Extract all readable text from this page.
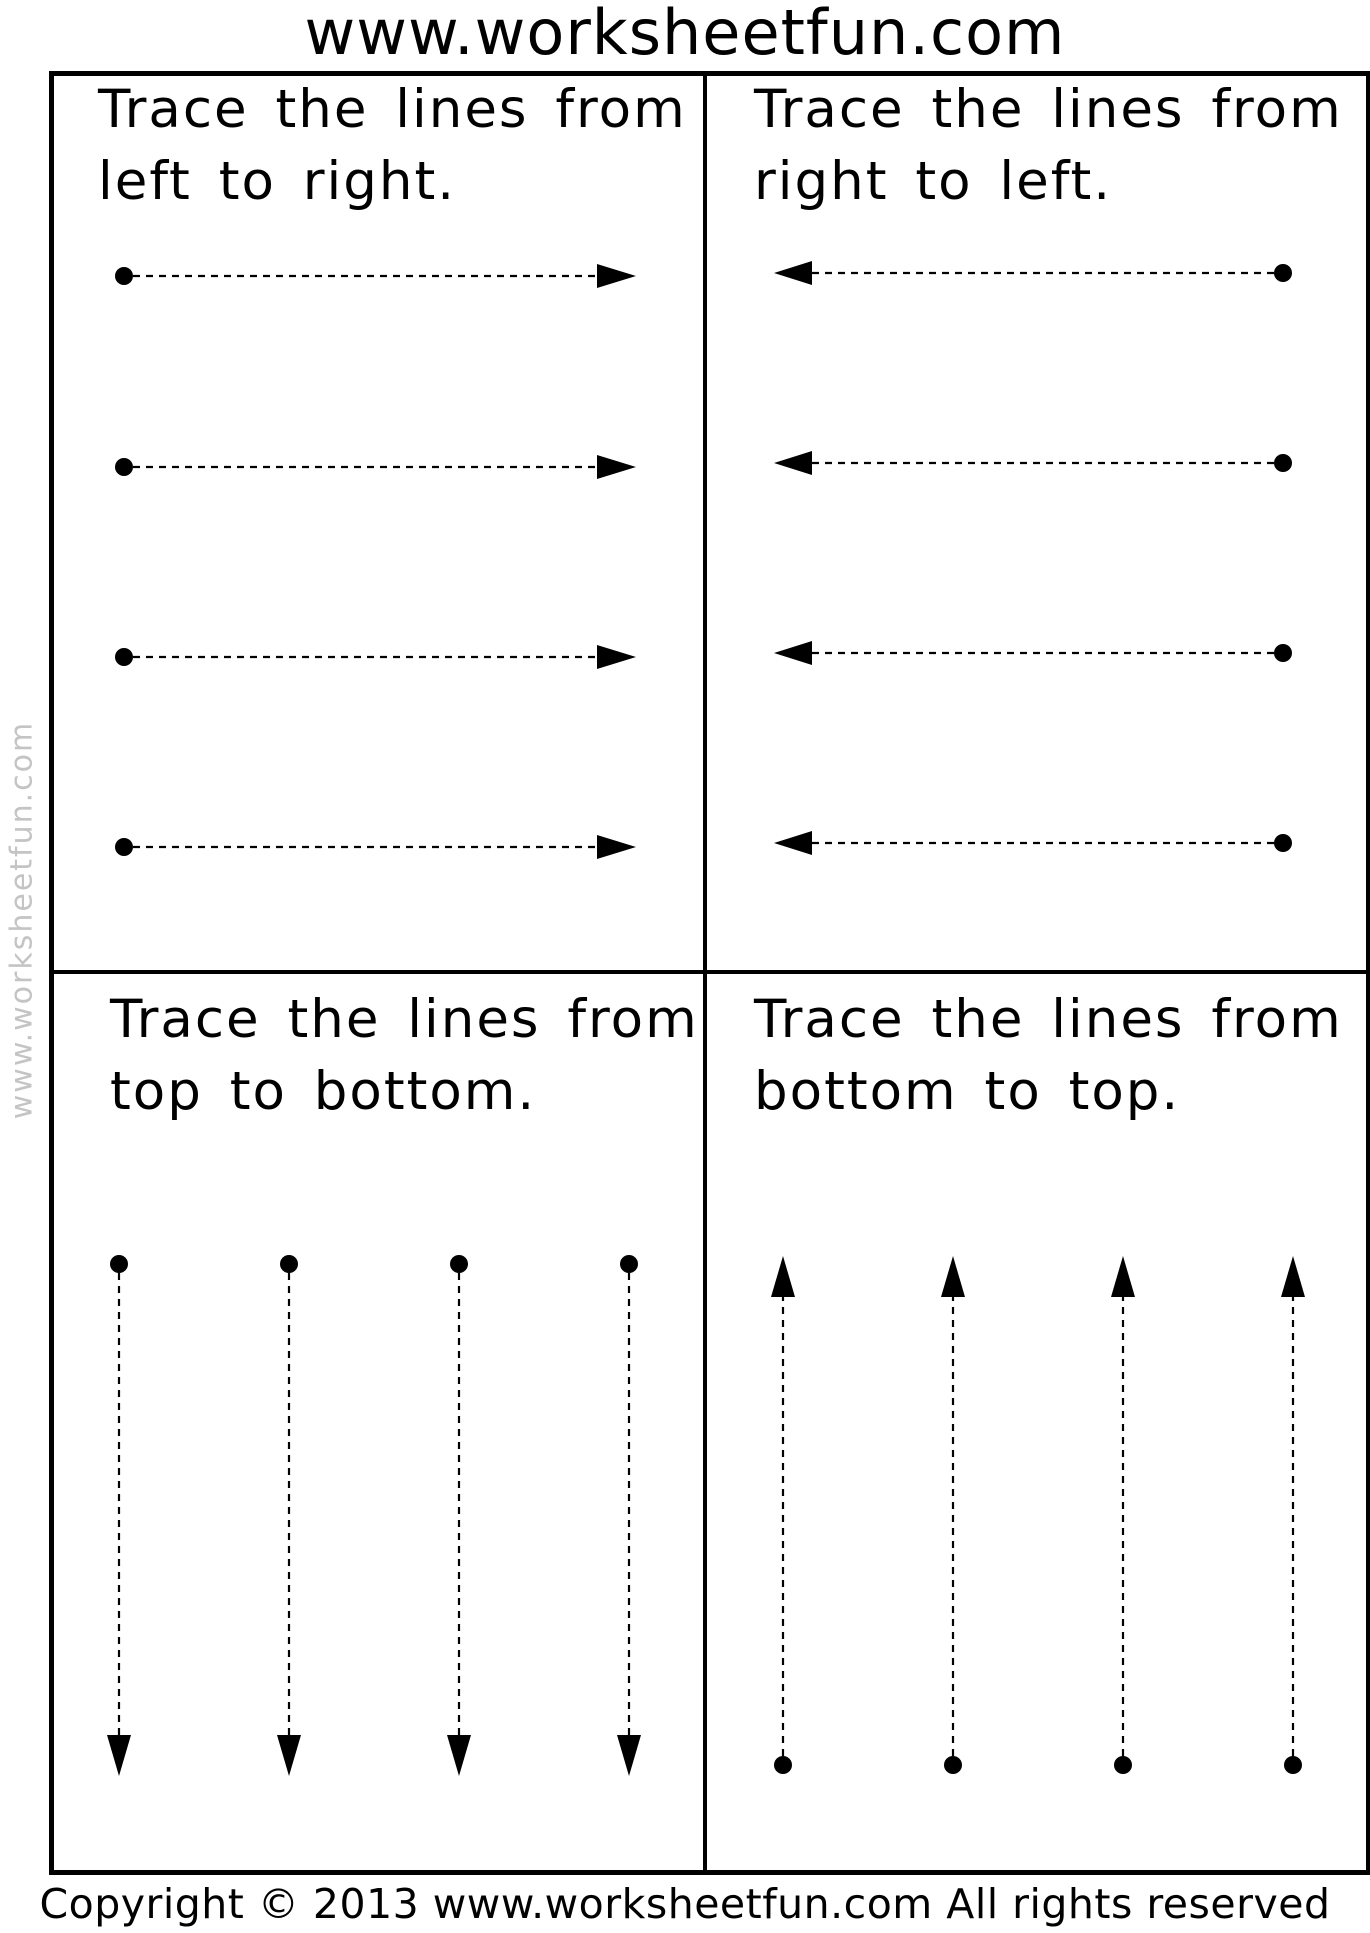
www.worksheetfun.com
www.worksheetfun.com
Trace the lines from
left to right.
Trace the lines from
right to left.
Trace the lines from
top to bottom.
Trace the lines from
bottom to top.
Copyright © 2013 www.worksheetfun.com All rights reserved
